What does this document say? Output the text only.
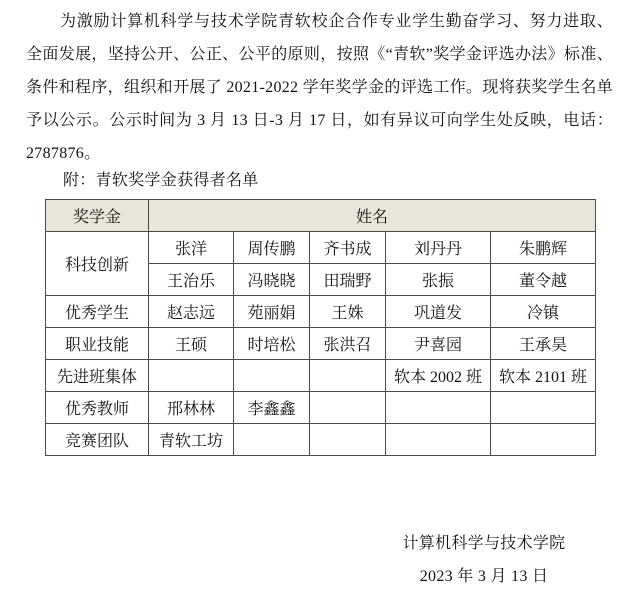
为激励计算机科学与技术学院青软校企合作专业学生勤奋学习、努力进取、全面发展，坚持公开、公正、公平的原则，按照《“青软”奖学金评选办法》标准、条件和程序，组织和开展了 2021-2022 学年奖学金的评选工作。现将获奖学生名单予以公示。公示时间为 3 月 13 日-3 月 17 日，如有异议可向学生处反映，电话：2787876。

附：青软奖学金获得者名单

奖学金	姓名				
科技创新	张洋	周传鹏	齐书成	刘丹丹	朱鹏辉
	王治乐	冯晓晓	田瑞野	张振	董令越
优秀学生	赵志远	苑丽娟	王姝	巩道发	冷镇
职业技能	王硕	时培松	张洪召	尹喜园	王承昊
先进班集体				软本 2002 班	软本 2101 班
优秀教师	邢林林	李鑫鑫			
竞赛团队	青软工坊				
计算机科学与技术学院
2023 年 3 月 13 日
